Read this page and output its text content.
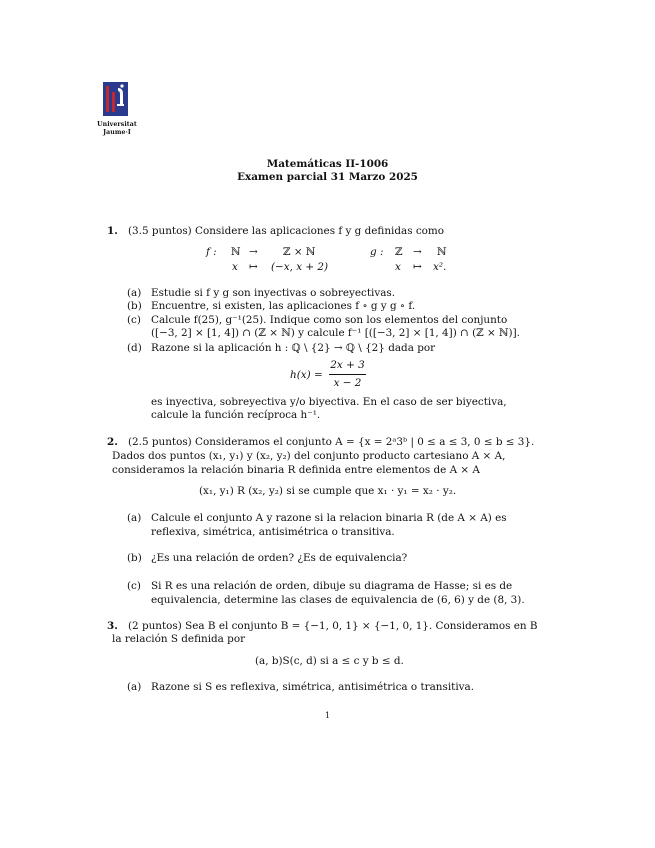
Universitat
Jaume·I
Matemáticas II-1006
Examen parcial 31 Marzo 2025
1. (3.5 puntos) Considere las aplicaciones f y g definidas como
f : ℕ → ℤ × ℕ
x ↦ (−x, x + 2)
g : ℤ → ℕ
x ↦ x².
(a) Estudie si f y g son inyectivas o sobreyectivas.
(b) Encuentre, si existen, las aplicaciones f ∘ g y g ∘ f.
(c) Calcule f(25), g⁻¹(25). Indique como son los elementos del conjunto
([−3, 2] × [1, 4]) ∩ (ℤ × ℕ) y calcule f⁻¹ [([−3, 2] × [1, 4]) ∩ (ℤ × ℕ)].
(d) Razone si la aplicación h : ℚ \ {2} → ℚ \ {2} dada por
h(x) =
2x + 3
x − 2
es inyectiva, sobreyectiva y/o biyectiva. En el caso de ser biyectiva,
calcule la función recíproca h⁻¹.
2. (2.5 puntos) Consideramos el conjunto A = {x = 2ᵃ3ᵇ | 0 ≤ a ≤ 3, 0 ≤ b ≤ 3}.
Dados dos puntos (x₁, y₁) y (x₂, y₂) del conjunto producto cartesiano A × A,
consideramos la relación binaria R definida entre elementos de A × A
(x₁, y₁) R (x₂, y₂) si se cumple que x₁ · y₁ = x₂ · y₂.
(a) Calcule el conjunto A y razone si la relacion binaria R (de A × A) es
reflexiva, simétrica, antisimétrica o transitiva.
(b) ¿Es una relación de orden? ¿Es de equivalencia?
(c) Si R es una relación de orden, dibuje su diagrama de Hasse; si es de
equivalencia, determine las clases de equivalencia de (6, 6) y de (8, 3).
3. (2 puntos) Sea B el conjunto B = {−1, 0, 1} × {−1, 0, 1}. Consideramos en B
la relación S definida por
(a, b)S(c, d) si a ≤ c y b ≤ d.
(a) Razone si S es reflexiva, simétrica, antisimétrica o transitiva.
1
